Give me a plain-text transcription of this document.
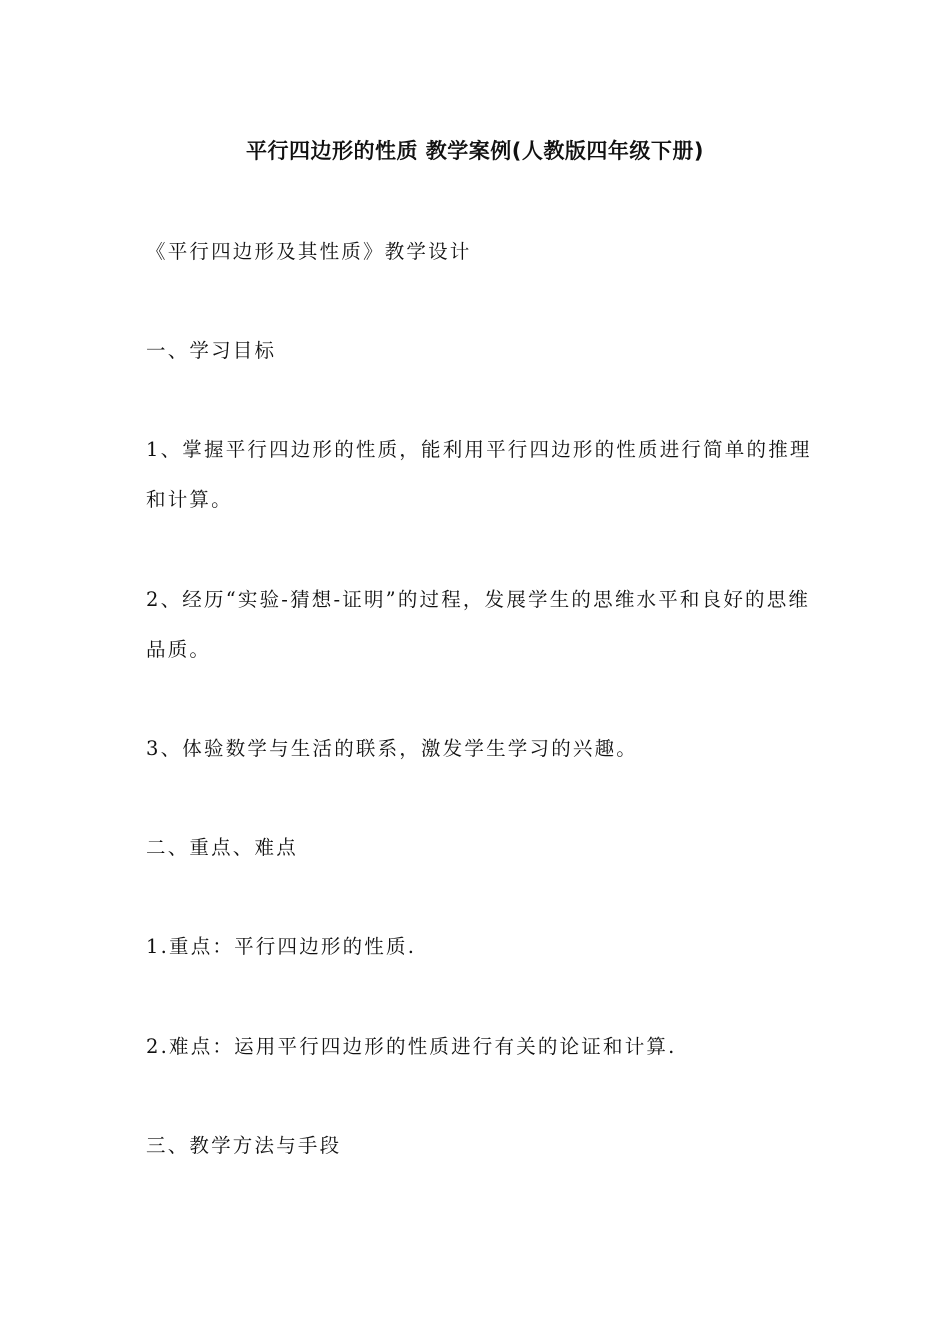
平行四边形的性质 教学案例(人教版四年级下册)
《平行四边形及其性质》教学设计
一、学习目标
1、掌握平行四边形的性质，能利用平行四边形的性质进行简单的推理和计算。
2、经历“实验-猜想-证明”的过程，发展学生的思维水平和良好的思维品质。
3、体验数学与生活的联系，激发学生学习的兴趣。
二、重点、难点
1.重点：平行四边形的性质.
2.难点：运用平行四边形的性质进行有关的论证和计算.
三、教学方法与手段
